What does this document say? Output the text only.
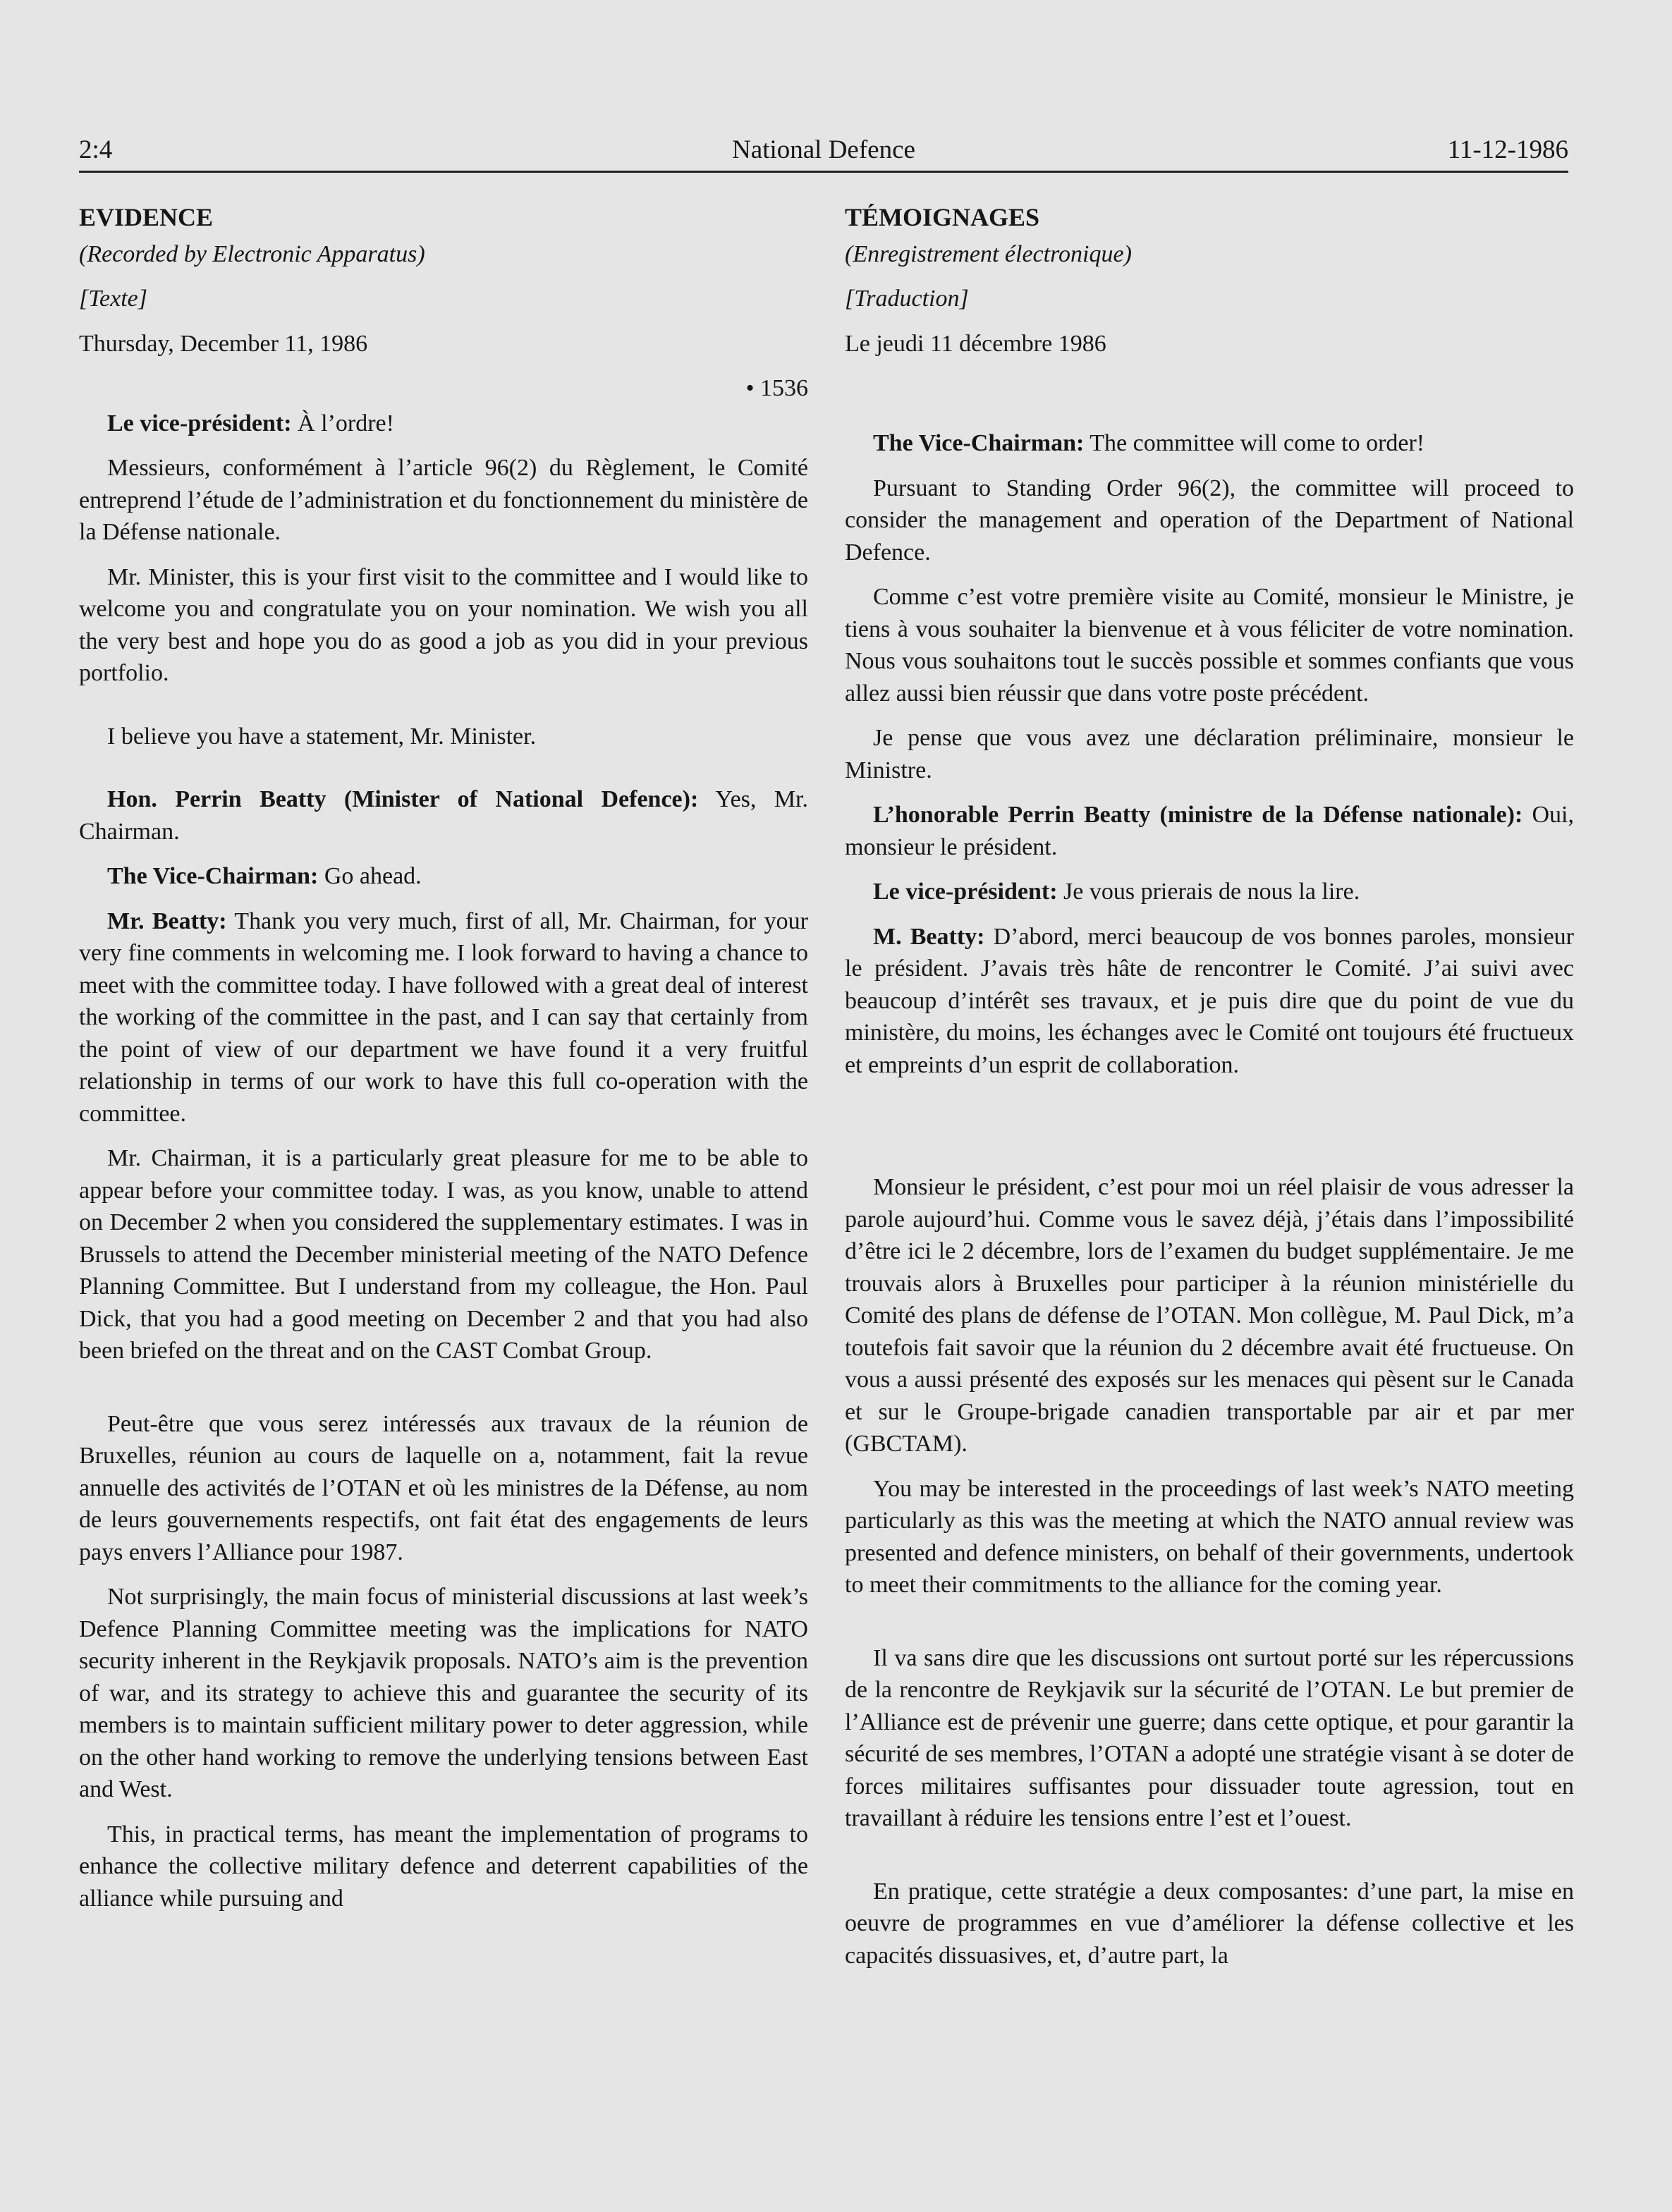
2:4	National Defence	11-12-1986
EVIDENCE

(Recorded by Electronic Apparatus)

[Texte]

Thursday, December 11, 1986

• 1536

Le vice-président: À l’ordre!

Messieurs, conformément à l’article 96(2) du Règlement, le Comité entreprend l’étude de l’administration et du fonctionnement du ministère de la Défense nationale.

Mr. Minister, this is your first visit to the committee and I would like to welcome you and congratulate you on your nomination. We wish you all the very best and hope you do as good a job as you did in your previous portfolio.

I believe you have a statement, Mr. Minister.

Hon. Perrin Beatty (Minister of National Defence): Yes, Mr. Chairman.

The Vice-Chairman: Go ahead.

Mr. Beatty: Thank you very much, first of all, Mr. Chairman, for your very fine comments in welcoming me. I look forward to having a chance to meet with the committee today. I have followed with a great deal of interest the working of the committee in the past, and I can say that certainly from the point of view of our department we have found it a very fruitful relationship in terms of our work to have this full co-operation with the committee.

Mr. Chairman, it is a particularly great pleasure for me to be able to appear before your committee today. I was, as you know, unable to attend on December 2 when you considered the supplementary estimates. I was in Brussels to attend the December ministerial meeting of the NATO Defence Planning Committee. But I understand from my colleague, the Hon. Paul Dick, that you had a good meeting on December 2 and that you had also been briefed on the threat and on the CAST Combat Group.

Peut-être que vous serez intéressés aux travaux de la réunion de Bruxelles, réunion au cours de laquelle on a, notamment, fait la revue annuelle des activités de l’OTAN et où les ministres de la Défense, au nom de leurs gouvernements respectifs, ont fait état des engagements de leurs pays envers l’Alliance pour 1987.

Not surprisingly, the main focus of ministerial discussions at last week’s Defence Planning Committee meeting was the implications for NATO security inherent in the Reykjavik proposals. NATO’s aim is the prevention of war, and its strategy to achieve this and guarantee the security of its members is to maintain sufficient military power to deter aggression, while on the other hand working to remove the underlying tensions between East and West.

This, in practical terms, has meant the implementation of programs to enhance the collective military defence and deterrent capabilities of the alliance while pursuing and

TÉMOIGNAGES

(Enregistrement électronique)

[Traduction]

Le jeudi 11 décembre 1986

The Vice-Chairman: The committee will come to order!

Pursuant to Standing Order 96(2), the committee will proceed to consider the management and operation of the Department of National Defence.

Comme c’est votre première visite au Comité, monsieur le Ministre, je tiens à vous souhaiter la bienvenue et à vous féliciter de votre nomination. Nous vous souhaitons tout le succès possible et sommes confiants que vous allez aussi bien réussir que dans votre poste précédent.

Je pense que vous avez une déclaration préliminaire, monsieur le Ministre.

L’honorable Perrin Beatty (ministre de la Défense nationale): Oui, monsieur le président.

Le vice-président: Je vous prierais de nous la lire.

M. Beatty: D’abord, merci beaucoup de vos bonnes paroles, monsieur le président. J’avais très hâte de rencontrer le Comité. J’ai suivi avec beaucoup d’intérêt ses travaux, et je puis dire que du point de vue du ministère, du moins, les échanges avec le Comité ont toujours été fructueux et empreints d’un esprit de collaboration.

Monsieur le président, c’est pour moi un réel plaisir de vous adresser la parole aujourd’hui. Comme vous le savez déjà, j’étais dans l’impossibilité d’être ici le 2 décembre, lors de l’examen du budget supplémentaire. Je me trouvais alors à Bruxelles pour participer à la réunion ministérielle du Comité des plans de défense de l’OTAN. Mon collègue, M. Paul Dick, m’a toutefois fait savoir que la réunion du 2 décembre avait été fructueuse. On vous a aussi présenté des exposés sur les menaces qui pèsent sur le Canada et sur le Groupe-brigade canadien transportable par air et par mer (GBCTAM).

You may be interested in the proceedings of last week’s NATO meeting particularly as this was the meeting at which the NATO annual review was presented and defence ministers, on behalf of their governments, undertook to meet their commitments to the alliance for the coming year.

Il va sans dire que les discussions ont surtout porté sur les répercussions de la rencontre de Reykjavik sur la sécurité de l’OTAN. Le but premier de l’Alliance est de prévenir une guerre; dans cette optique, et pour garantir la sécurité de ses membres, l’OTAN a adopté une stratégie visant à se doter de forces militaires suffisantes pour dissuader toute agression, tout en travaillant à réduire les tensions entre l’est et l’ouest.

En pratique, cette stratégie a deux composantes: d’une part, la mise en oeuvre de programmes en vue d’améliorer la défense collective et les capacités dissuasives, et, d’autre part, la
